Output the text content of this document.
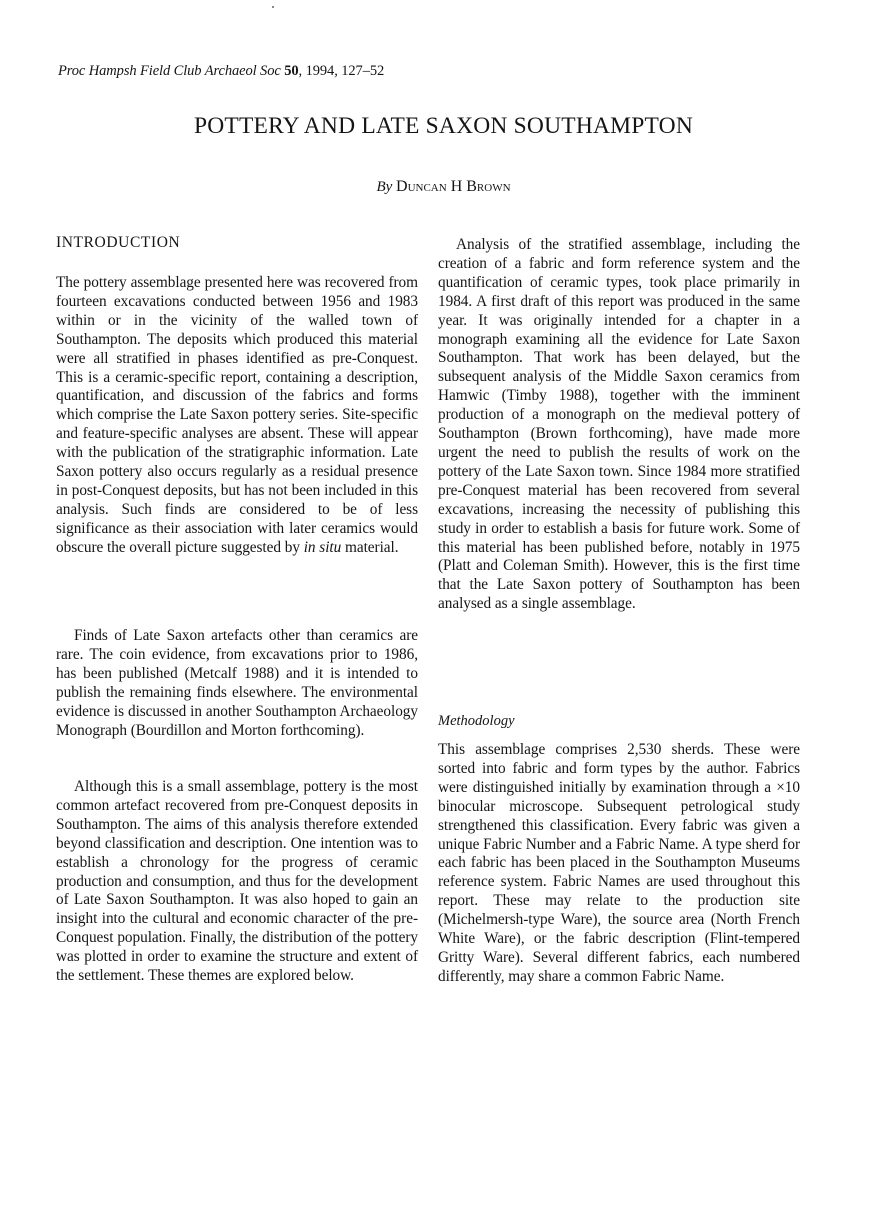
Proc Hampsh Field Club Archaeol Soc 50, 1994, 127–52
POTTERY AND LATE SAXON SOUTHAMPTON
By Duncan H Brown
INTRODUCTION

The pottery assemblage presented here was recovered from fourteen excavations conducted between 1956 and 1983 within or in the vicinity of the walled town of Southampton. The deposits which produced this material were all stratified in phases identified as pre-Conquest. This is a ceramic-specific report, containing a description, quantification, and discussion of the fabrics and forms which comprise the Late Saxon pottery series. Site-specific and feature-specific analyses are absent. These will appear with the publication of the stratigraphic information. Late Saxon pottery also occurs regularly as a residual presence in post-Conquest deposits, but has not been included in this analysis. Such finds are considered to be of less significance as their association with later ceramics would obscure the overall picture suggested by in situ material.

Finds of Late Saxon artefacts other than ceramics are rare. The coin evidence, from excavations prior to 1986, has been published (Metcalf 1988) and it is intended to publish the remaining finds elsewhere. The environmental evidence is discussed in another Southampton Archaeology Monograph (Bourdillon and Morton forthcoming).

Although this is a small assemblage, pottery is the most common artefact recovered from pre-Conquest deposits in Southampton. The aims of this analysis therefore extended beyond classification and description. One intention was to establish a chronology for the progress of ceramic production and consumption, and thus for the development of Late Saxon Southampton. It was also hoped to gain an insight into the cultural and economic character of the pre-Conquest population. Finally, the distribution of the pottery was plotted in order to examine the structure and extent of the settlement. These themes are explored below.

Analysis of the stratified assemblage, including the creation of a fabric and form reference system and the quantification of ceramic types, took place primarily in 1984. A first draft of this report was produced in the same year. It was originally intended for a chapter in a monograph examining all the evidence for Late Saxon Southampton. That work has been delayed, but the subsequent analysis of the Middle Saxon ceramics from Hamwic (Timby 1988), together with the imminent production of a monograph on the medieval pottery of Southampton (Brown forthcoming), have made more urgent the need to publish the results of work on the pottery of the Late Saxon town. Since 1984 more stratified pre-Conquest material has been recovered from several excavations, increasing the necessity of publishing this study in order to establish a basis for future work. Some of this material has been published before, notably in 1975 (Platt and Coleman Smith). However, this is the first time that the Late Saxon pottery of Southampton has been analysed as a single assemblage.

Methodology

This assemblage comprises 2,530 sherds. These were sorted into fabric and form types by the author. Fabrics were distinguished initially by examination through a ×10 binocular microscope. Subsequent petrological study strengthened this classification. Every fabric was given a unique Fabric Number and a Fabric Name. A type sherd for each fabric has been placed in the Southampton Museums reference system. Fabric Names are used throughout this report. These may relate to the production site (Michelmersh-type Ware), the source area (North French White Ware), or the fabric description (Flint-tempered Gritty Ware). Several different fabrics, each numbered differently, may share a common Fabric Name.
